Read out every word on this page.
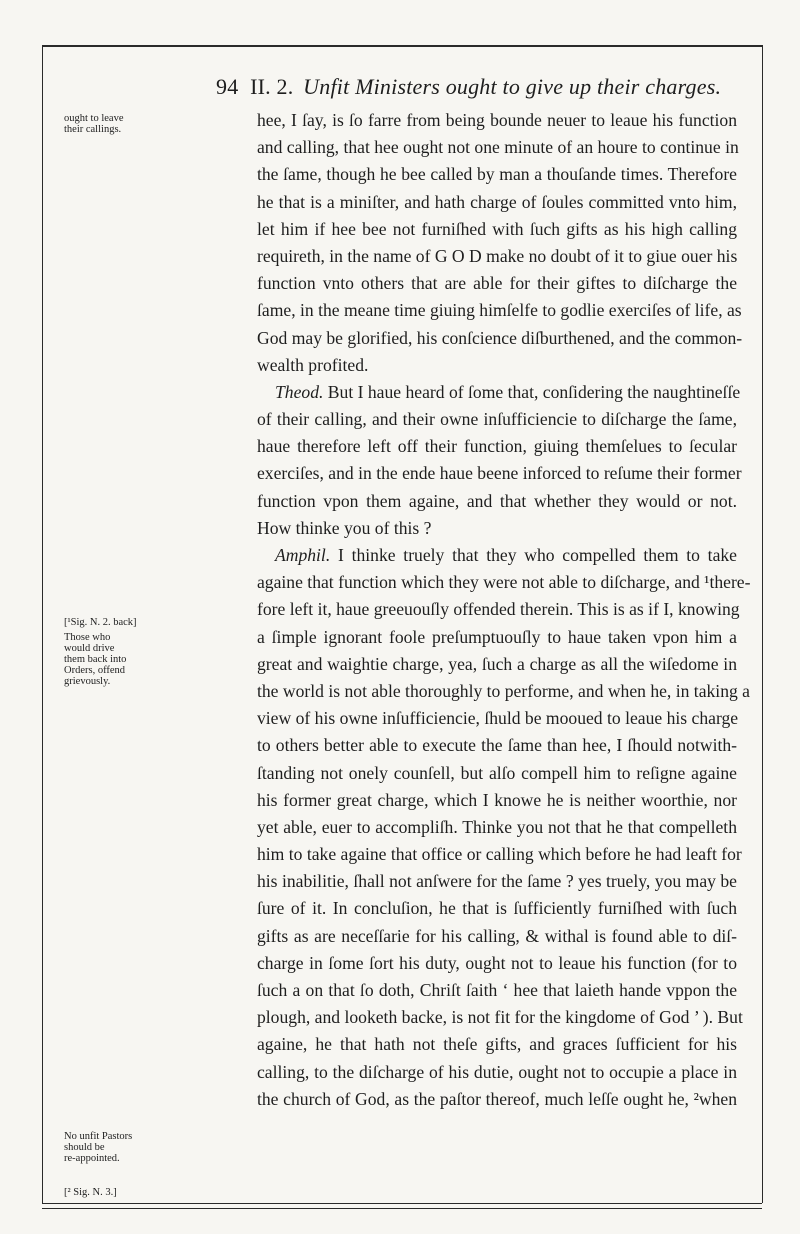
94 II. 2. Unfit Ministers ought to give up their charges.
ought to leave
their callings.
[¹Sig. N. 2. back]
Those who
would drive
them back into
Orders, offend
grievously.
No unfit Pastors
should be
re-appointed.
[² Sig. N. 3.]
hee, I ſay, is ſo farre from being bounde neuer to leaue his function
and calling, that hee ought not one minute of an houre to continue in
the ſame, though he bee called by man a thouſande times. Therefore
he that is a miniſter, and hath charge of ſoules committed vnto him,
let him if hee bee not furniſhed with ſuch gifts as his high calling
requireth, in the name of G O D make no doubt of it to giue ouer his
function vnto others that are able for their giftes to diſcharge the
ſame, in the meane time giuing himſelfe to godlie exerciſes of life, as
God may be glorified, his conſcience diſburthened, and the common-
wealth profited.
Theod. But I haue heard of ſome that, conſidering the naughtineſſe
of their calling, and their owne inſufficiencie to diſcharge the ſame,
haue therefore left off their function, giuing themſelues to ſecular
exerciſes, and in the ende haue beene inforced to reſume their former
function vpon them againe, and that whether they would or not.
How thinke you of this ?
Amphil. I thinke truely that they who compelled them to take
againe that function which they were not able to diſcharge, and ¹there-
fore left it, haue greeuouſly offended therein. This is as if I, knowing
a ſimple ignorant foole preſumptuouſly to haue taken vpon him a
great and waightie charge, yea, ſuch a charge as all the wiſedome in
the world is not able thoroughly to performe, and when he, in taking a
view of his owne inſufficiencie, ſhuld be mooued to leaue his charge
to others better able to execute the ſame than hee, I ſhould notwith-
ſtanding not onely counſell, but alſo compell him to reſigne againe
his former great charge, which I knowe he is neither woorthie, nor
yet able, euer to accompliſh. Thinke you not that he that compelleth
him to take againe that office or calling which before he had leaft for
his inabilitie, ſhall not anſwere for the ſame ? yes truely, you may be
ſure of it. In concluſion, he that is ſufficiently furniſhed with ſuch
gifts as are neceſſarie for his calling, & withal is found able to diſ-
charge in ſome ſort his duty, ought not to leaue his function (for to
ſuch a on that ſo doth, Chriſt ſaith ‘ hee that laieth hande vppon the
plough, and looketh backe, is not fit for the kingdome of God ’ ). But
againe, he that hath not theſe gifts, and graces ſufficient for his
calling, to the diſcharge of his dutie, ought not to occupie a place in
the church of God, as the paſtor thereof, much leſſe ought he, ²when
